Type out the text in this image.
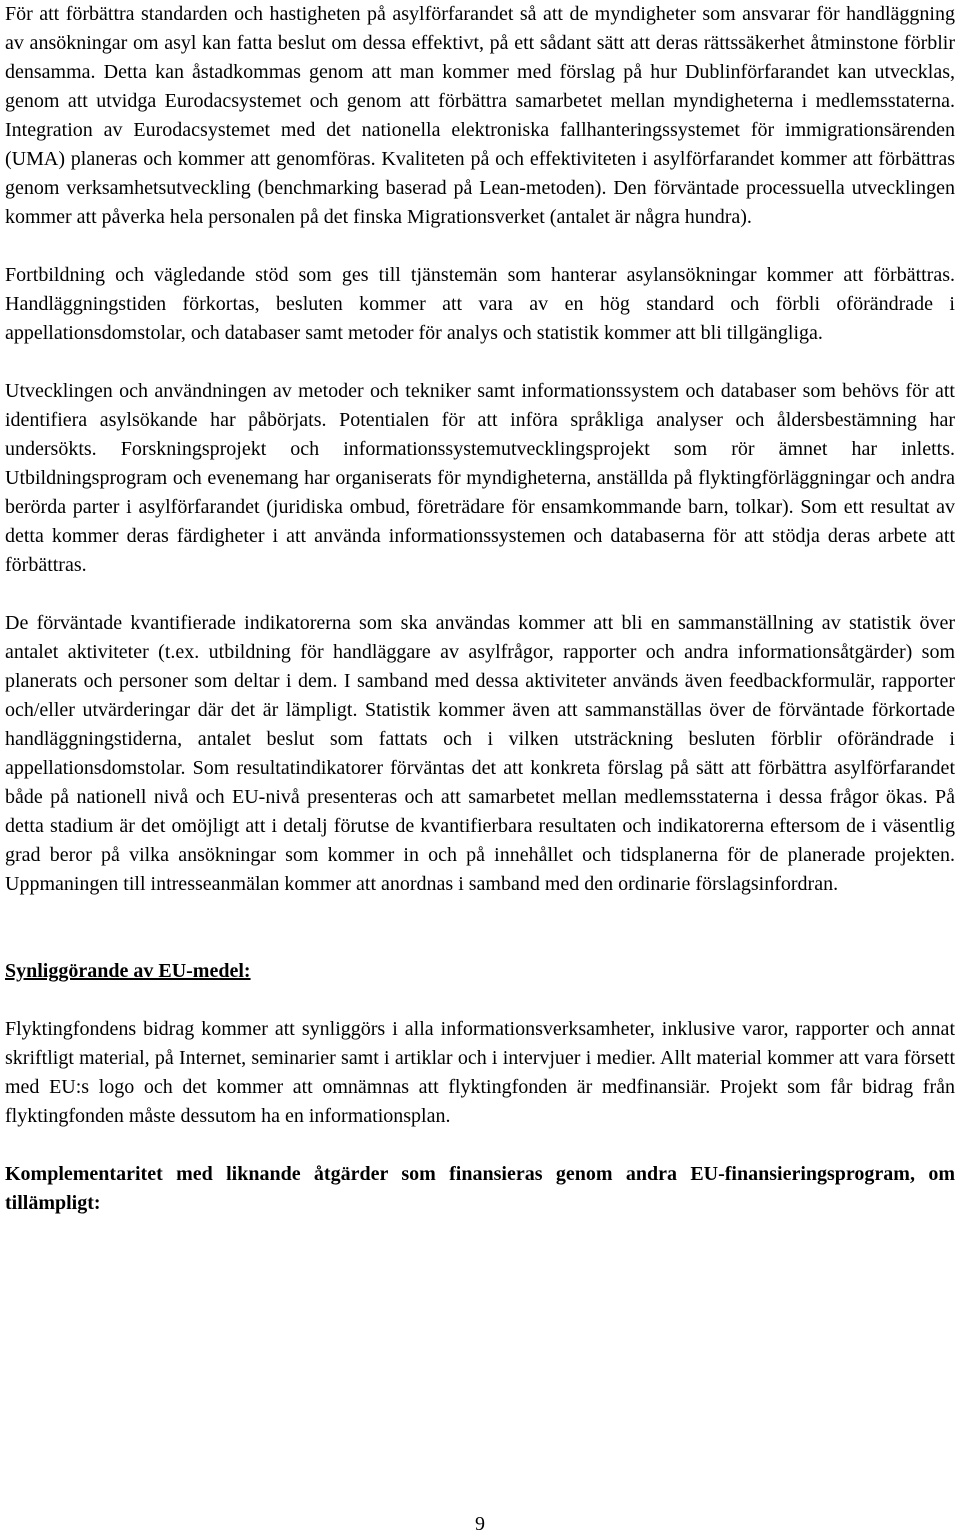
För att förbättra standarden och hastigheten på asylförfarandet så att de myndigheter som ansvarar för handläggning av ansökningar om asyl kan fatta beslut om dessa effektivt, på ett sådant sätt att deras rättssäkerhet åtminstone förblir densamma. Detta kan åstadkommas genom att man kommer med förslag på hur Dublinförfarandet kan utvecklas, genom att utvidga Eurodacsystemet och genom att förbättra samarbetet mellan myndigheterna i medlemsstaterna. Integration av Eurodacsystemet med det nationella elektroniska fallhanteringssystemet för immigrationsärenden (UMA) planeras och kommer att genomföras. Kvaliteten på och effektiviteten i asylförfarandet kommer att förbättras genom verksamhetsutveckling (benchmarking baserad på Lean-metoden). Den förväntade processuella utvecklingen kommer att påverka hela personalen på det finska Migrationsverket (antalet är några hundra).

Fortbildning och vägledande stöd som ges till tjänstemän som hanterar asylansökningar kommer att förbättras. Handläggningstiden förkortas, besluten kommer att vara av en hög standard och förbli oförändrade i appellationsdomstolar, och databaser samt metoder för analys och statistik kommer att bli tillgängliga.

Utvecklingen och användningen av metoder och tekniker samt informationssystem och databaser som behövs för att identifiera asylsökande har påbörjats. Potentialen för att införa språkliga analyser och åldersbestämning har undersökts. Forskningsprojekt och informationssystemutvecklingsprojekt som rör ämnet har inletts. Utbildningsprogram och evenemang har organiserats för myndigheterna, anställda på flyktingförläggningar och andra berörda parter i asylförfarandet (juridiska ombud, företrädare för ensamkommande barn, tolkar). Som ett resultat av detta kommer deras färdigheter i att använda informationssystemen och databaserna för att stödja deras arbete att förbättras.

De förväntade kvantifierade indikatorerna som ska användas kommer att bli en sammanställning av statistik över antalet aktiviteter (t.ex. utbildning för handläggare av asylfrågor, rapporter och andra informationsåtgärder) som planerats och personer som deltar i dem. I samband med dessa aktiviteter används även feedbackformulär, rapporter och/eller utvärderingar där det är lämpligt. Statistik kommer även att sammanställas över de förväntade förkortade handläggningstiderna, antalet beslut som fattats och i vilken utsträckning besluten förblir oförändrade i appellationsdomstolar. Som resultatindikatorer förväntas det att konkreta förslag på sätt att förbättra asylförfarandet både på nationell nivå och EU-nivå presenteras och att samarbetet mellan medlemsstaterna i dessa frågor ökas. På detta stadium är det omöjligt att i detalj förutse de kvantifierbara resultaten och indikatorerna eftersom de i väsentlig grad beror på vilka ansökningar som kommer in och på innehållet och tidsplanerna för de planerade projekten. Uppmaningen till intresseanmälan kommer att anordnas i samband med den ordinarie förslagsinfordran.

Synliggörande av EU-medel:

Flyktingfondens bidrag kommer att synliggörs i alla informationsverksamheter, inklusive varor, rapporter och annat skriftligt material, på Internet, seminarier samt i artiklar och i intervjuer i medier. Allt material kommer att vara försett med EU:s logo och det kommer att omnämnas att flyktingfonden är medfinansiär. Projekt som får bidrag från flyktingfonden måste dessutom ha en informationsplan.

Komplementaritet med liknande åtgärder som finansieras genom andra EU-finansieringsprogram, om tillämpligt:

9
